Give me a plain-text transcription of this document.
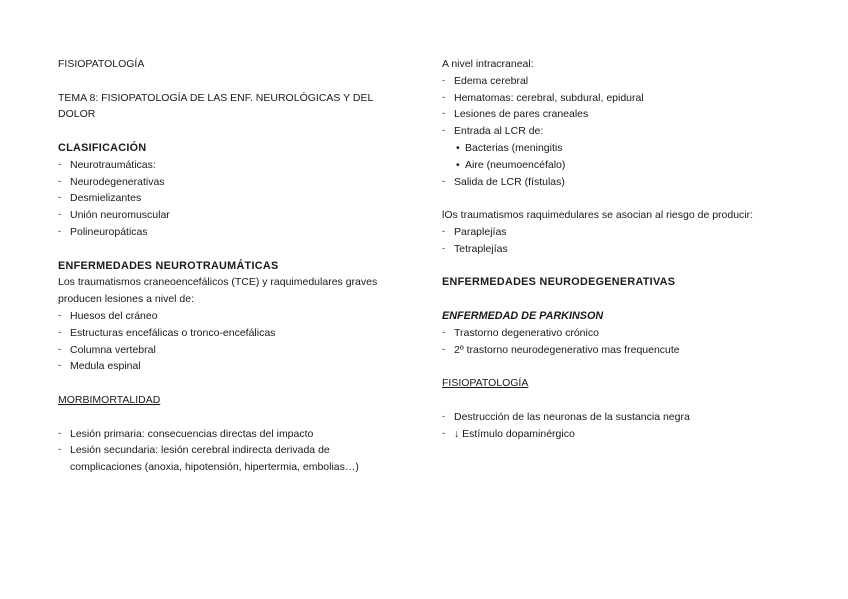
FISIOPATOLOGÍA
TEMA 8: FISIOPATOLOGÍA DE LAS ENF. NEUROLÓGICAS Y DEL
DOLOR
CLASIFICACIÓN
- Neurotraumáticas:
- Neurodegenerativas
- Desmielizantes
- Unión neuromuscular
- Polineuropáticas
ENFERMEDADES NEUROTRAUMÁTICAS
Los traumatismos craneoencefálicos (TCE) y raquimedulares graves
producen lesiones a nivel de:
- Huesos del cráneo
- Estructuras encefálicas o tronco-encefálicas
- Columna vertebral
- Medula espinal
MORBIMORTALIDAD
- Lesión primaria: consecuencias directas del impacto
- Lesión secundaria: lesión cerebral indirecta derivada de
complicaciones (anoxia, hipotensión, hipertermia, embolias…)
A nivel intracraneal:
- Edema cerebral
- Hematomas: cerebral, subdural, epidural
- Lesiones de pares craneales
- Entrada al LCR de:
• Bacterias (meningitis
• Aire (neumoencéfalo)
- Salida de LCR (fístulas)
lOs traumatismos raquimedulares se asocian al riesgo de producir:
- Paraplejías
- Tetraplejías
ENFERMEDADES NEURODEGENERATIVAS
ENFERMEDAD DE PARKINSON
- Trastorno degenerativo crónico
- 2º trastorno neurodegenerativo mas frequencute
FISIOPATOLOGÍA
- Destrucción de las neuronas de la sustancia negra
- ↓ Estímulo dopaminérgico
